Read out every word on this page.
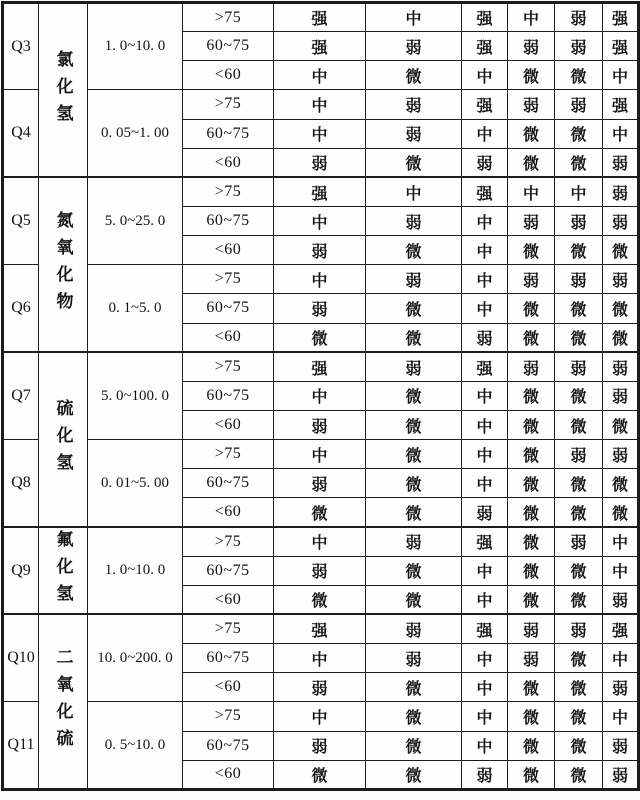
Q3	氯化氢	1. 0~10. 0	>75	强	中	强	中	弱	强
			60~75	强	弱	强	弱	弱	强
			<60	中	微	中	微	微	中
Q4		0. 05~1. 00	>75	中	弱	强	弱	弱	强
			60~75	中	弱	中	微	微	中
			<60	弱	微	弱	微	微	弱
Q5	氮氧化物	5. 0~25. 0	>75	强	中	强	中	中	弱
			60~75	中	弱	中	弱	弱	弱
			<60	弱	微	中	微	微	微
Q6		0. 1~5. 0	>75	中	弱	中	弱	弱	弱
			60~75	弱	微	中	微	微	微
			<60	微	微	弱	微	微	微
Q7	硫化氢	5. 0~100. 0	>75	强	弱	强	弱	弱	弱
			60~75	中	微	中	微	微	弱
			<60	弱	微	中	微	微	微
Q8		0. 01~5. 00	>75	中	微	中	微	弱	弱
			60~75	弱	微	中	微	微	微
			<60	微	微	弱	微	微	微
Q9	氟化氢	1. 0~10. 0	>75	中	弱	强	微	弱	中
			60~75	弱	微	中	微	微	中
			<60	微	微	中	微	微	弱
Q10	二氧化硫	10. 0~200. 0	>75	强	弱	强	弱	弱	强
			60~75	中	弱	中	弱	微	中
			<60	弱	微	中	微	微	弱
Q11		0. 5~10. 0	>75	中	微	中	微	微	中
			60~75	弱	微	中	微	微	弱
			<60	微	微	弱	微	微	弱
